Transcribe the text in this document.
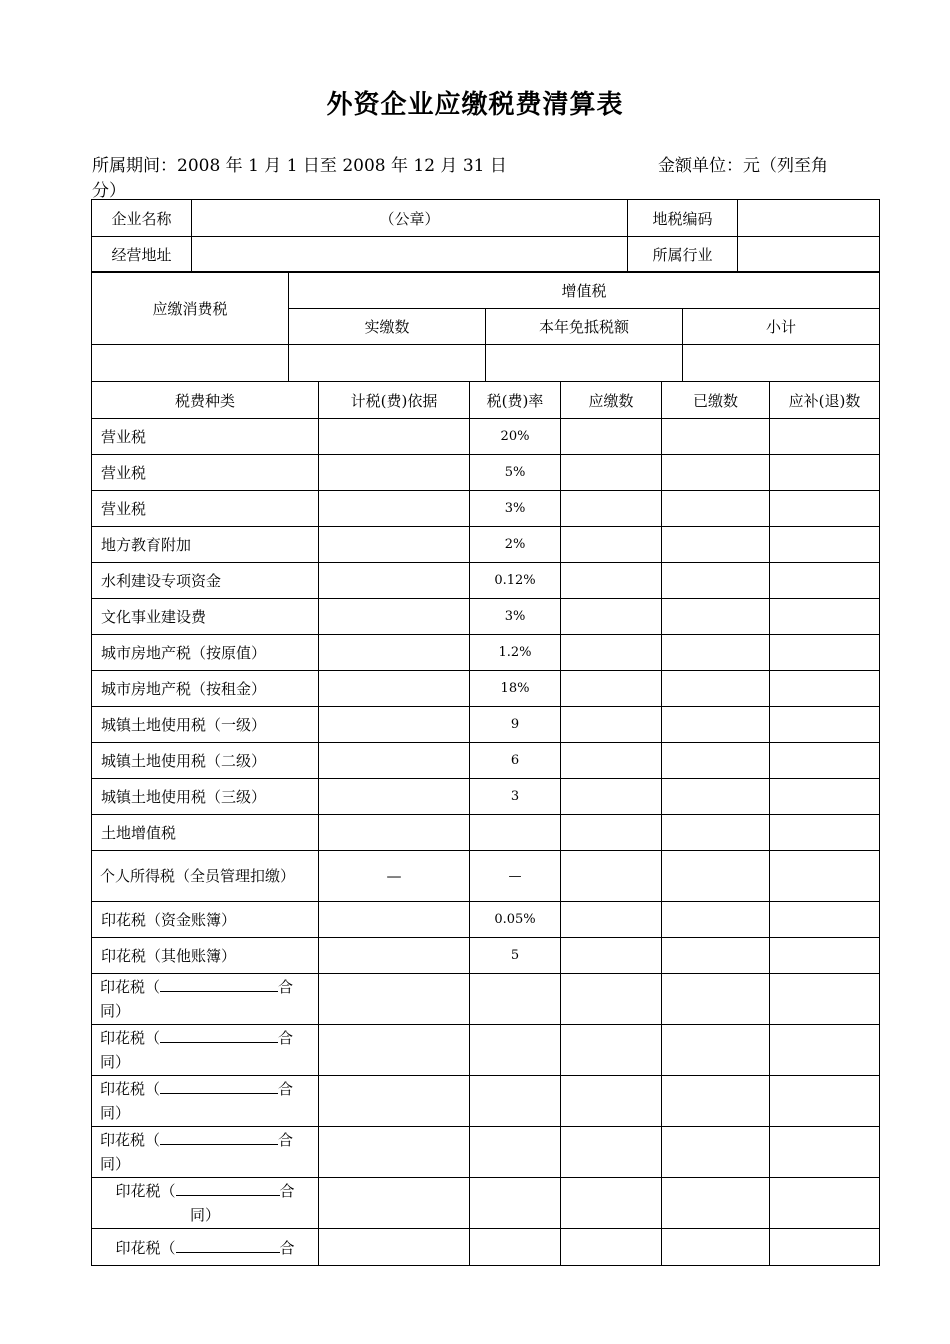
外资企业应缴税费清算表
所属期间：2008 年 1 月 1 日至 2008 年 12 月 31 日	金额单位：元（列至角
分）
企业名称	（公章）	地税编码	
经营地址		所属行业	
应缴消费税	增值税		
	实缴数	本年免抵税额	小计

税费种类	计税(费)依据	税(费)率	应缴数	已缴数	应补(退)数
营业税		20%			
营业税		5%			
营业税		3%			
地方教育附加		2%			
水利建设专项资金		0.12%			
文化事业建设费		3%			
城市房地产税（按原值）		1.2%			
城市房地产税（按租金）		18%			
城镇土地使用税（一级）		9			
城镇土地使用税（二级）		6			
城镇土地使用税（三级）		3			
土地增值税					
个人所得税（全员管理扣缴）	—	—			
印花税（资金账簿）		0.05%			
印花税（其他账簿）		5			
印花税（ 合
同）					
印花税（ 合
同）					
印花税（ 合
同）					
印花税（ 合
同）					
印花税（ 合
同）					
印花税（ 合					
